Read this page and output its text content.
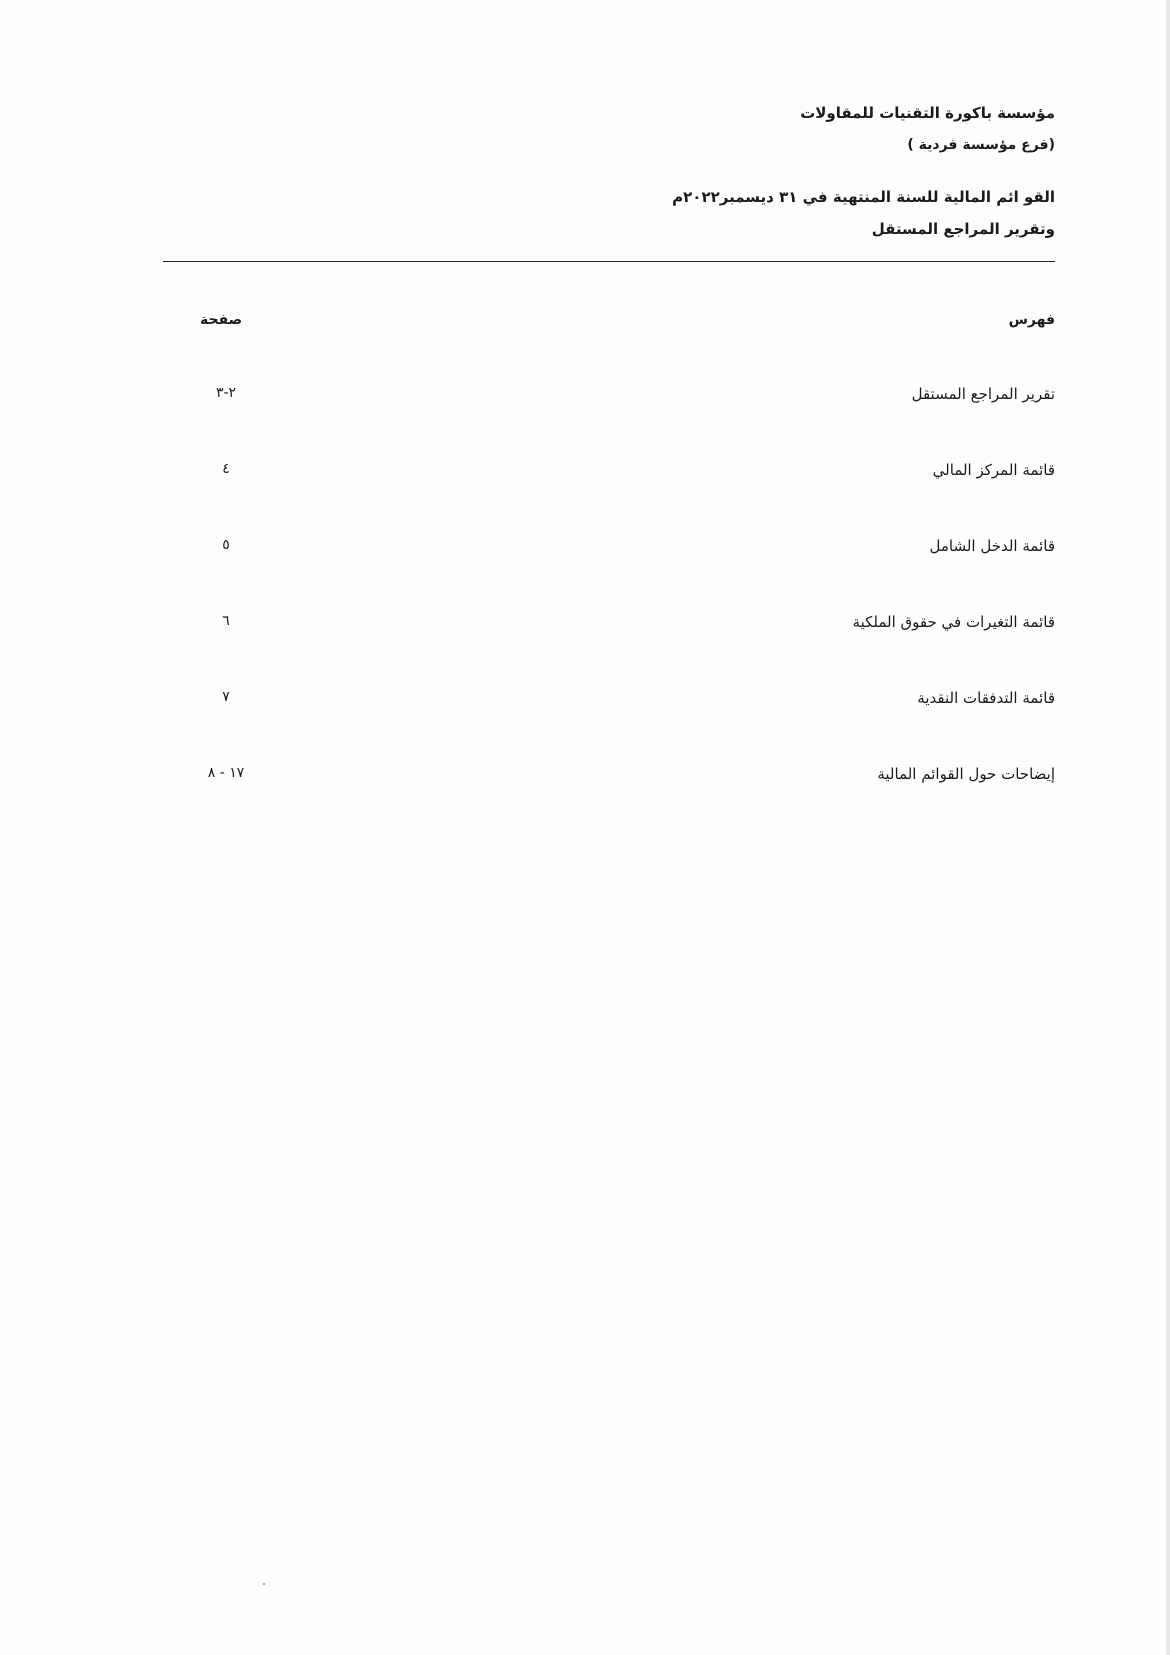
مؤسسة باكورة التقنيات للمقاولات

(فرع مؤسسة فردية )

القو ائم المالية للسنة المنتهية في ٣١ ديسمبر٢٠٢٢م

وتقرير المراجع المستقل

فهرس
صفحة
تقرير المراجع المستقل
٢-٣
قائمة المركز المالي
٤
قائمة الدخل الشامل
٥
قائمة التغيرات في حقوق الملكية
٦
قائمة التدفقات النقدية
٧
إيضاحات حول القوائم المالية
١٧ - ٨
